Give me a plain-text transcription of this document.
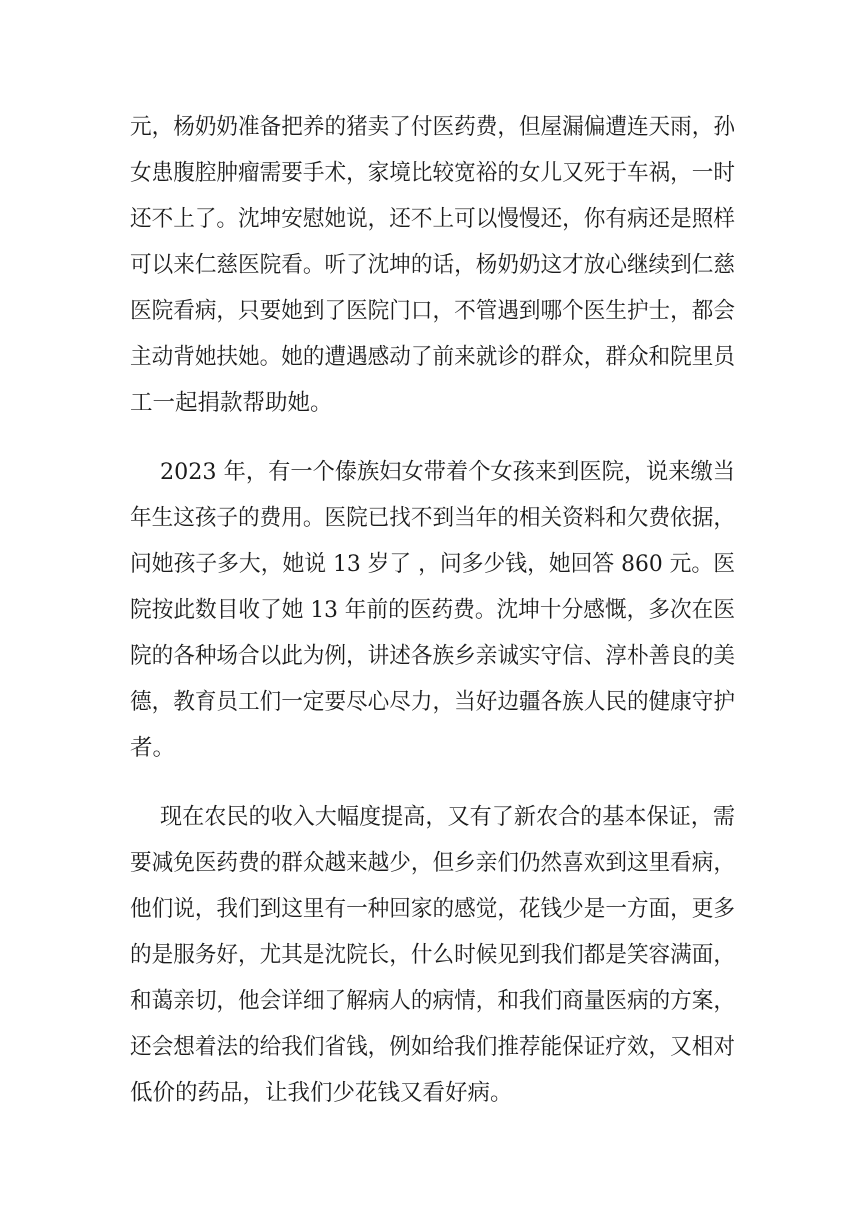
元，杨奶奶准备把养的猪卖了付医药费，但屋漏偏遭连天雨，孙
女患腹腔肿瘤需要手术，家境比较宽裕的女儿又死于车祸，一时
还不上了。沈坤安慰她说，还不上可以慢慢还，你有病还是照样
可以来仁慈医院看。听了沈坤的话，杨奶奶这才放心继续到仁慈
医院看病，只要她到了医院门口，不管遇到哪个医生护士，都会
主动背她扶她。她的遭遇感动了前来就诊的群众，群众和院里员
工一起捐款帮助她。
2023 年，有一个傣族妇女带着个女孩来到医院，说来缴当
年生这孩子的费用。医院已找不到当年的相关资料和欠费依据，
问她孩子多大，她说 13 岁了 ，问多少钱，她回答 860 元。医
院按此数目收了她 13 年前的医药费。沈坤十分感慨，多次在医
院的各种场合以此为例，讲述各族乡亲诚实守信、淳朴善良的美
德，教育员工们一定要尽心尽力，当好边疆各族人民的健康守护
者。
现在农民的收入大幅度提高，又有了新农合的基本保证，需
要减免医药费的群众越来越少，但乡亲们仍然喜欢到这里看病，
他们说，我们到这里有一种回家的感觉，花钱少是一方面，更多
的是服务好，尤其是沈院长，什么时候见到我们都是笑容满面，
和蔼亲切，他会详细了解病人的病情，和我们商量医病的方案，
还会想着法的给我们省钱，例如给我们推荐能保证疗效，又相对
低价的药品，让我们少花钱又看好病。
